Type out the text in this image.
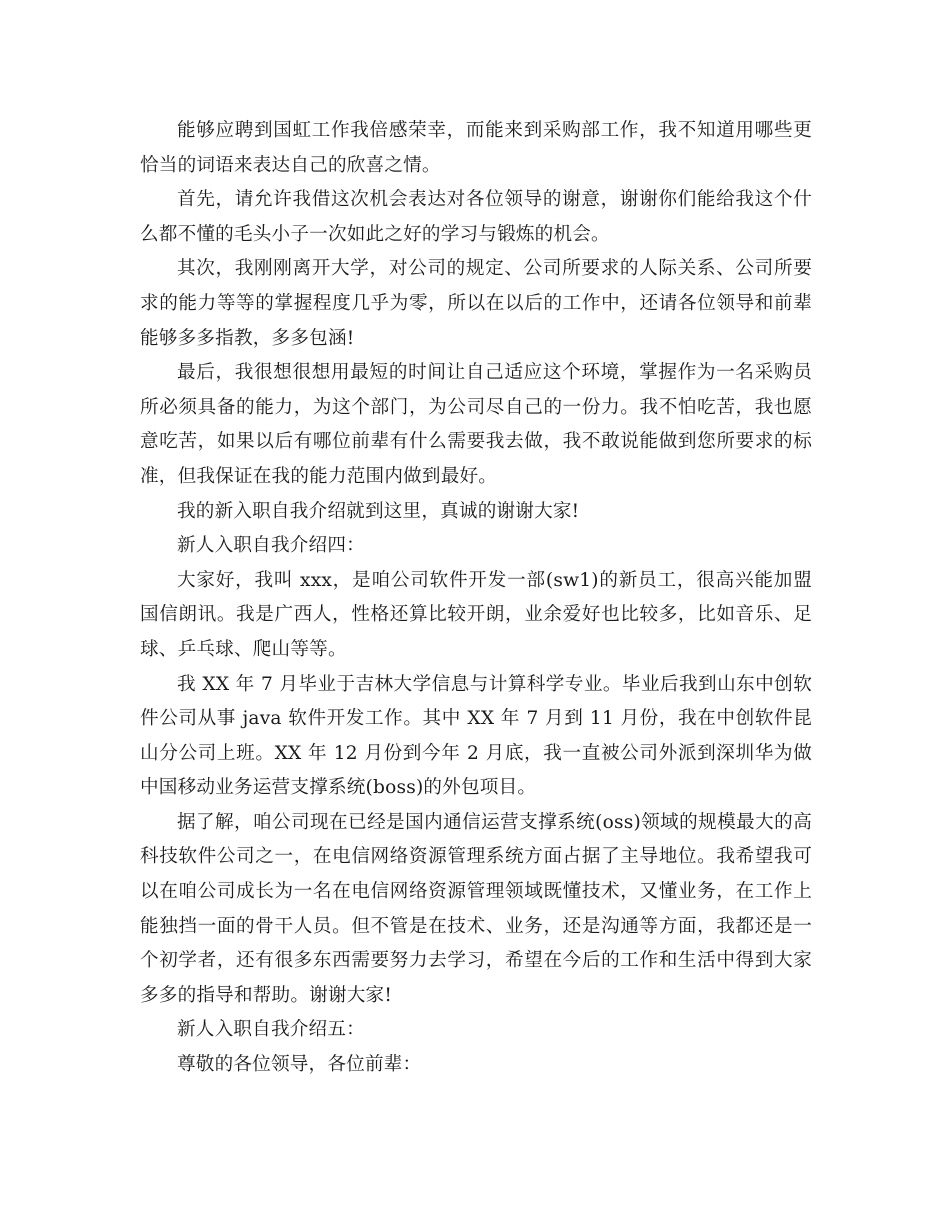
能够应聘到国虹工作我倍感荣幸，而能来到采购部工作，我不知道用哪些更恰当的词语来表达自己的欣喜之情。

首先，请允许我借这次机会表达对各位领导的谢意，谢谢你们能给我这个什么都不懂的毛头小子一次如此之好的学习与锻炼的机会。

其次，我刚刚离开大学，对公司的规定、公司所要求的人际关系、公司所要求的能力等等的掌握程度几乎为零，所以在以后的工作中，还请各位领导和前辈能够多多指教，多多包涵!

最后，我很想很想用最短的时间让自己适应这个环境，掌握作为一名采购员所必须具备的能力，为这个部门，为公司尽自己的一份力。我不怕吃苦，我也愿意吃苦，如果以后有哪位前辈有什么需要我去做，我不敢说能做到您所要求的标准，但我保证在我的能力范围内做到最好。

我的新入职自我介绍就到这里，真诚的谢谢大家!

新人入职自我介绍四：

大家好，我叫 xxx，是咱公司软件开发一部(sw1)的新员工，很高兴能加盟国信朗讯。我是广西人，性格还算比较开朗，业余爱好也比较多，比如音乐、足球、乒乓球、爬山等等。

我 XX 年 7 月毕业于吉林大学信息与计算科学专业。毕业后我到山东中创软件公司从事 java 软件开发工作。其中 XX 年 7 月到 11 月份，我在中创软件昆山分公司上班。XX 年 12 月份到今年 2 月底，我一直被公司外派到深圳华为做中国移动业务运营支撑系统(boss)的外包项目。

据了解，咱公司现在已经是国内通信运营支撑系统(oss)领域的规模最大的高科技软件公司之一，在电信网络资源管理系统方面占据了主导地位。我希望我可以在咱公司成长为一名在电信网络资源管理领域既懂技术，又懂业务，在工作上能独挡一面的骨干人员。但不管是在技术、业务，还是沟通等方面，我都还是一个初学者，还有很多东西需要努力去学习，希望在今后的工作和生活中得到大家多多的指导和帮助。谢谢大家!

新人入职自我介绍五：

尊敬的各位领导，各位前辈：
